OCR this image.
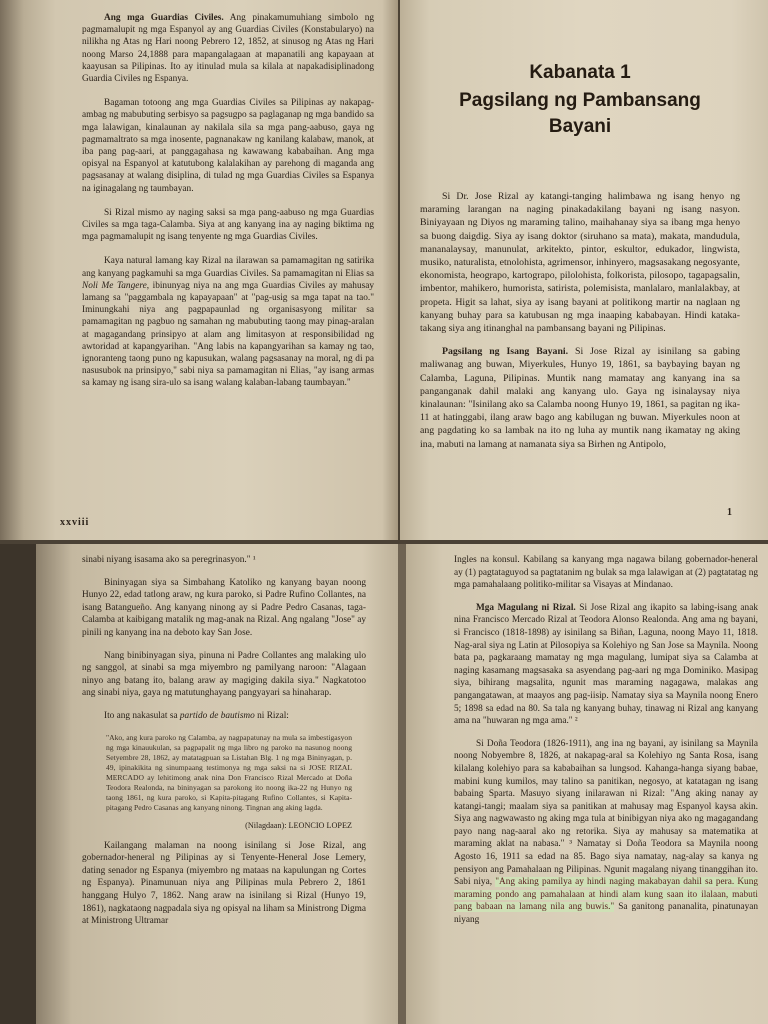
Ang mga Guardias Civiles. Ang pinakamumuhiang simbolo ng pagmamalupit ng mga Espanyol ay ang Guardias Civiles (Konstabularyo) na nilikha ng Atas ng Hari noong Pebrero 12, 1852, at sinusog ng Atas ng Hari noong Marso 24,1888 para mapangalagaan at mapanatili ang kapayaan at kaayusan sa Pilipinas. Ito ay itinulad mula sa kilala at napakadisiplinadong Guardia Civiles ng Espanya.

Bagaman totoong ang mga Guardias Civiles sa Pilipinas ay nakapag-ambag ng mabubuting serbisyo sa pagsugpo sa paglaganap ng mga bandido sa mga lalawigan, kinalaunan ay nakilala sila sa mga pang-aabuso, gaya ng pagmamaltrato sa mga inosente, pagnanakaw ng kanilang kalabaw, manok, at iba pang pag-aari, at panggagahasa ng kawawang kababaihan. Ang mga opisyal na Espanyol at katutubong kalalakihan ay parehong di maganda ang pagsasanay at walang disiplina, di tulad ng mga Guardias Civiles sa Espanya na iginagalang ng taumbayan.

Si Rizal mismo ay naging saksi sa mga pang-aabuso ng mga Guardias Civiles sa mga taga-Calamba. Siya at ang kanyang ina ay naging biktima ng mga pagmamalupit ng isang tenyente ng mga Guardias Civiles.

Kaya natural lamang kay Rizal na ilarawan sa pamamagitan ng satirika ang kanyang pagkamuhi sa mga Guardias Civiles. Sa pamamagitan ni Elias sa Noli Me Tangere, ibinunyag niya na ang mga Guardias Civiles ay mahusay lamang sa "paggambala ng kapayapaan" at "pag-usig sa mga tapat na tao." Iminungkahi niya ang pagpapaunlad ng organisasyong militar sa pamamagitan ng pagbuo ng samahan ng mabubuting taong may pinag-aralan at magagandang prinsipyo at alam ang limitasyon at responsibilidad ng awtoridad at kapangyarihan. "Ang labis na kapangyarihan sa kamay ng tao, ignoranteng taong puno ng kapusukan, walang pagsasanay na moral, ng di pa nasusubok na prinsipyo," sabi niya sa pamamagitan ni Elias, "ay isang armas sa kamay ng isang sira-ulo sa isang walang kalaban-labang taumbayan."

xxviii
Kabanata 1
Pagsilang ng Pambansang Bayani

Si Dr. Jose Rizal ay katangi-tanging halimbawa ng isang henyo ng maraming larangan na naging pinakadakilang bayani ng isang nasyon. Biniyayaan ng Diyos ng maraming talino, maihahanay siya sa ibang mga henyo sa buong daigdig. Siya ay isang doktor (siruhano sa mata), makata, mandudula, mananalaysay, manunulat, arkitekto, pintor, eskultor, edukador, lingwista, musiko, naturalista, etnolohista, agrimensor, inhinyero, magsasakang negosyante, ekonomista, heograpo, kartograpo, pilolohista, folkorista, pilosopo, tagapagsalin, imbentor, mahikero, humorista, satirista, polemisista, manlalaro, manlalakbay, at propeta. Higit sa lahat, siya ay isang bayani at politikong martir na naglaan ng kanyang buhay para sa katubusan ng mga inaaping kababayan. Hindi kataka-takang siya ang itinanghal na pambansang bayani ng Pilipinas.

Pagsilang ng Isang Bayani. Si Jose Rizal ay isinilang sa gabing maliwanag ang buwan, Miyerkules, Hunyo 19, 1861, sa baybaying bayan ng Calamba, Laguna, Pilipinas. Muntik nang mamatay ang kanyang ina sa panganganak dahil malaki ang kanyang ulo. Gaya ng isinalaysay niya kinalaunan: "Isinilang ako sa Calamba noong Hunyo 19, 1861, sa pagitan ng ika-11 at hatinggabi, ilang araw bago ang kabilugan ng buwan. Miyerkules noon at ang pagdating ko sa lambak na ito ng luha ay muntik nang ikamatay ng aking ina, mabuti na lamang at namanata siya sa Birhen ng Antipolo,

1

sinabi niyang isasama ako sa peregrinasyon." ¹

Bininyagan siya sa Simbahang Katoliko ng kanyang bayan noong Hunyo 22, edad tatlong araw, ng kura paroko, si Padre Rufino Collantes, na isang Batangueño. Ang kanyang ninong ay si Padre Pedro Casanas, taga-Calamba at kaibigang matalik ng mag-anak na Rizal. Ang ngalang "Jose" ay pinili ng kanyang ina na deboto kay San Jose.

Nang binibinyagan siya, pinuna ni Padre Collantes ang malaking ulo ng sanggol, at sinabi sa mga miyembro ng pamilyang naroon: "Alagaan ninyo ang batang ito, balang araw ay magiging dakila siya." Nagkatotoo ang sinabi niya, gaya ng matutunghayang pangyayari sa hinaharap.

Ito ang nakasulat sa partido de bautismo ni Rizal:

"Ako, ang kura paroko ng Calamba, ay nagpapatunay na mula sa imbestigasyon ng mga kinauukulan, sa pagpapalit ng mga libro ng paroko na nasunog noong Setyembre 28, 1862, ay matatagpuan sa Listahan Blg. 1 ng mga Bininyagan, p. 49, ipinakikita ng sinumpaang testimonya ng mga saksi na si JOSE RIZAL MERCADO ay lehitimong anak nina Don Francisco Rizal Mercado at Doña Teodora Realonda, na bininyagan sa parokong ito noong ika-22 ng Hunyo ng taong 1861, ng kura paroko, si Kapita-pitagang Rufino Collantes, si Kapita-pitagang Pedro Casanas ang kanyang ninong. Tingnan ang aking lagda.
(Nilagdaan): LEONCIO LOPEZ

Kailangang malaman na noong isinilang si Jose Rizal, ang gobernador-heneral ng Pilipinas ay si Tenyente-Heneral Jose Lemery, dating senador ng Espanya (miyembro ng mataas na kapulungan ng Cortes ng Espanya). Pinamunuan niya ang Pilipinas mula Pebrero 2, 1861 hanggang Hulyo 7, 1862. Nang araw na isinilang si Rizal (Hunyo 19, 1861), nagkataong nagpadala siya ng opisyal na liham sa Ministrong Digma at Ministrong Ultramar

Ingles na konsul. Kabilang sa kanyang mga nagawa bilang gobernador-heneral ay (1) pagtataguyod sa pagtatanim ng bulak sa mga lalawigan at (2) pagtatatag ng mga pamahalaang politiko-militar sa Visayas at Mindanao.

Mga Magulang ni Rizal. Si Jose Rizal ang ikapito sa labing-isang anak nina Francisco Mercado Rizal at Teodora Alonso Realonda. Ang ama ng bayani, si Francisco (1818-1898) ay isinilang sa Biñan, Laguna, noong Mayo 11, 1818. Nag-aral siya ng Latin at Pilosopiya sa Kolehiyo ng San Jose sa Maynila. Noong bata pa, pagkaraang mamatay ng mga magulang, lumipat siya sa Calamba at naging kasamang magsasaka sa asyendang pag-aari ng mga Dominiko. Masipag siya, bihirang magsalita, ngunit mas maraming nagagawa, malakas ang pangangatawan, at maayos ang pag-iisip. Namatay siya sa Maynila noong Enero 5; 1898 sa edad na 80. Sa tala ng kanyang buhay, tinawag ni Rizal ang kanyang ama na "huwaran ng mga ama." ²

Si Doña Teodora (1826-1911), ang ina ng bayani, ay isinilang sa Maynila noong Nobyembre 8, 1826, at nakapag-aral sa Kolehiyo ng Santa Rosa, isang kilalang kolehiyo para sa kababaihan sa lungsod. Kahanga-hanga siyang babae, mabini kung kumilos, may talino sa panitikan, negosyo, at katatagan ng isang babaing Sparta. Masuyo siyang inilarawan ni Rizal: "Ang aking nanay ay katangi-tangi; maalam siya sa panitikan at mahusay mag Espanyol kaysa akin. Siya ang nagwawasto ng aking mga tula at binibigyan niya ako ng magagandang payo nang nag-aaral ako ng retorika. Siya ay mahusay sa matematika at maraming aklat na nabasa." ³ Namatay si Doña Teodora sa Maynila noong Agosto 16, 1911 sa edad na 85. Bago siya namatay, nag-alay sa kanya ng pensiyon ang Pamahalaan ng Pilipinas. Ngunit magalang niyang tinanggihan ito. Sabi niya, "Ang aking pamilya ay hindi naging makabayan dahil sa pera. Kung maraming pondo ang pamahalaan at hindi alam kung saan ito ilalaan, mabuti pang babaan na lamang nila ang buwis." Sa ganitong pananalita, pinatunayan niyang
